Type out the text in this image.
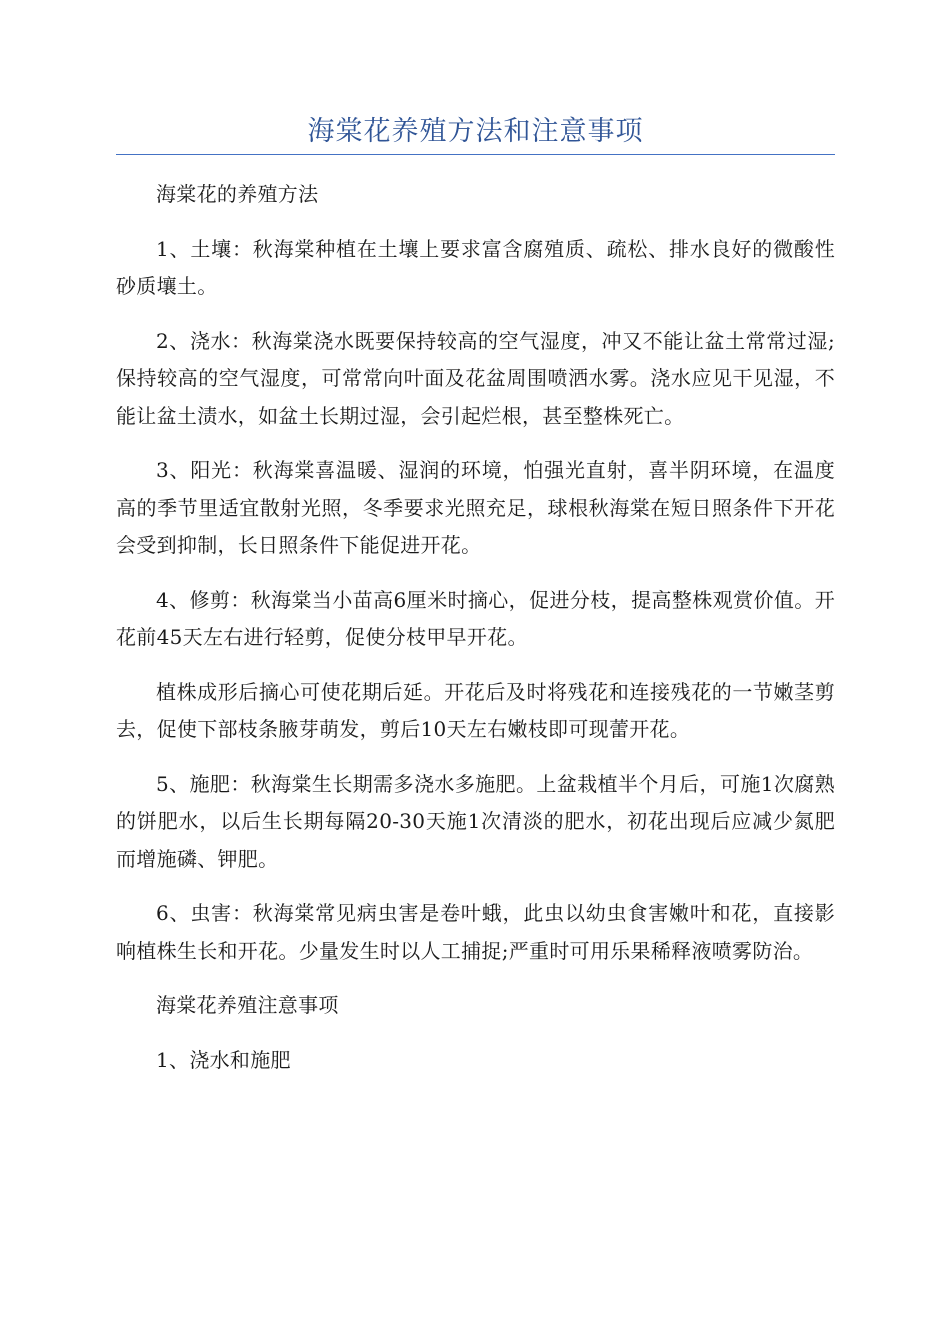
海棠花养殖方法和注意事项

海棠花的养殖方法

1、土壤：秋海棠种植在土壤上要求富含腐殖质、疏松、排水良好的微酸性砂质壤土。

2、浇水：秋海棠浇水既要保持较高的空气湿度，冲又不能让盆土常常过湿;保持较高的空气湿度，可常常向叶面及花盆周围喷洒水雾。浇水应见干见湿，不能让盆土渍水，如盆土长期过湿，会引起烂根，甚至整株死亡。

3、阳光：秋海棠喜温暖、湿润的环境，怕强光直射，喜半阴环境，在温度高的季节里适宜散射光照，冬季要求光照充足，球根秋海棠在短日照条件下开花会受到抑制，长日照条件下能促进开花。

4、修剪：秋海棠当小苗高6厘米时摘心，促进分枝，提高整株观赏价值。开花前45天左右进行轻剪，促使分枝甲早开花。

植株成形后摘心可使花期后延。开花后及时将残花和连接残花的一节嫩茎剪去，促使下部枝条腋芽萌发，剪后10天左右嫩枝即可现蕾开花。

5、施肥：秋海棠生长期需多浇水多施肥。上盆栽植半个月后，可施1次腐熟的饼肥水，以后生长期每隔20-30天施1次清淡的肥水，初花出现后应减少氮肥而增施磷、钾肥。

6、虫害：秋海棠常见病虫害是卷叶蛾，此虫以幼虫食害嫩叶和花，直接影响植株生长和开花。少量发生时以人工捕捉;严重时可用乐果稀释液喷雾防治。

海棠花养殖注意事项

1、浇水和施肥
